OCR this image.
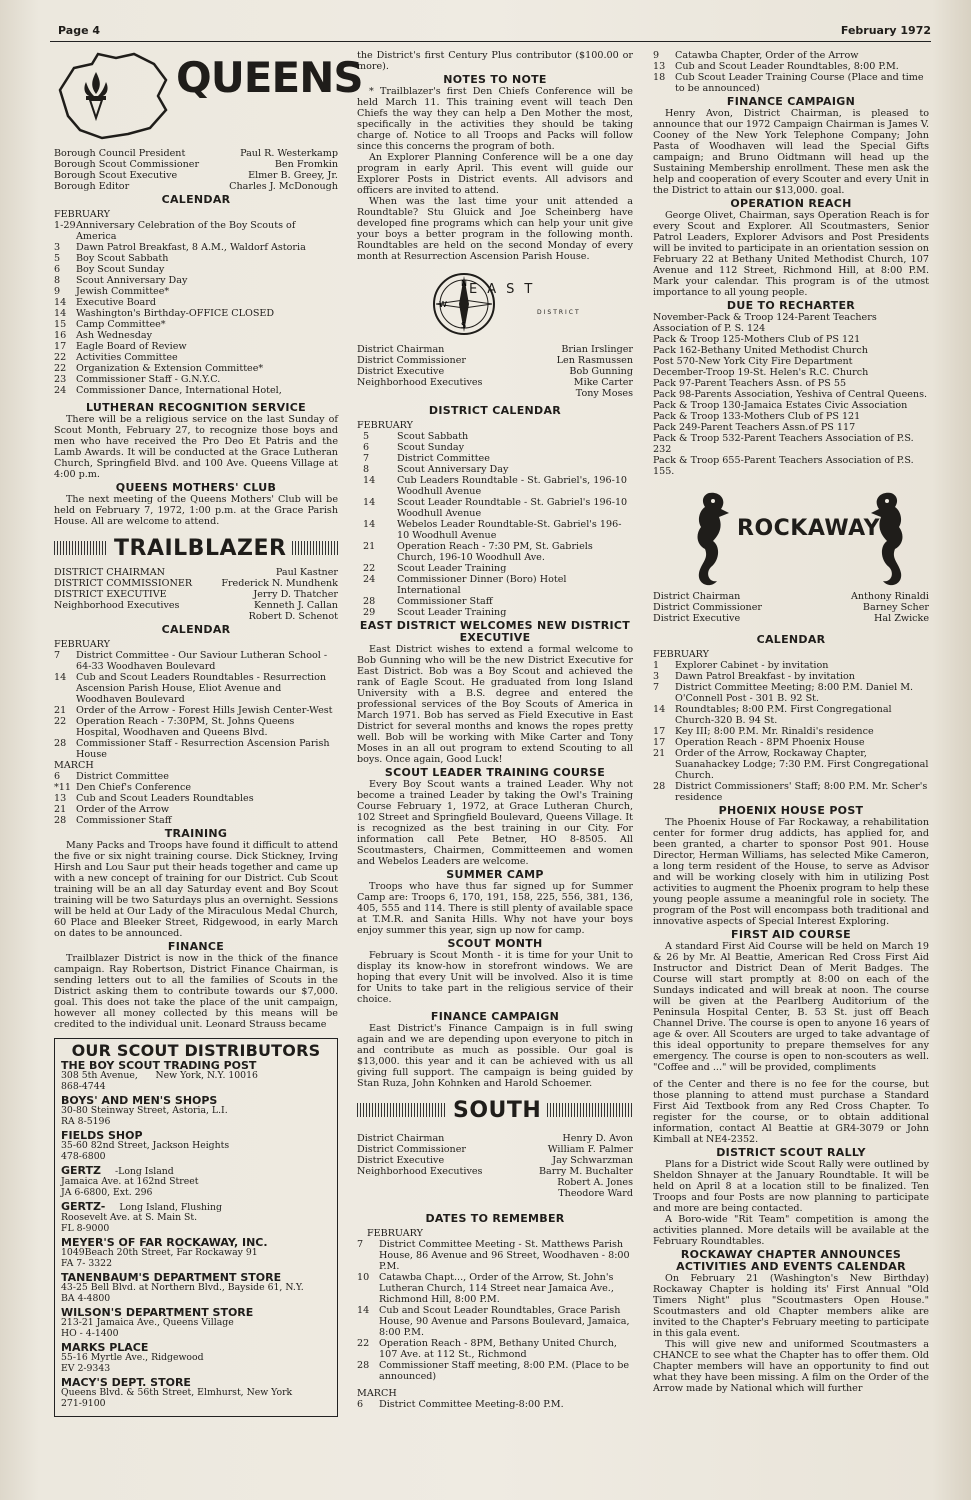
Page 4	February 1972
QUEENS
Borough Council President	Paul R. Westerkamp
Borough Scout Commissioner	Ben Fromkin
Borough Scout Executive	Elmer B. Greey, Jr.
Borough Editor	Charles J. McDonough
CALENDAR
FEBRUARY
1-29 Anniversary Celebration of the Boy Scouts of America
3	Dawn Patrol Breakfast, 8 A.M., Waldorf Astoria
5	Boy Scout Sabbath
6	Boy Scout Sunday
8	Scout Anniversary Day
9	Jewish Committee*
14	Executive Board
14	Washington's Birthday-OFFICE CLOSED
15	Camp Committee*
16	Ash Wednesday
17	Eagle Board of Review
22	Activities Committee
22	Organization & Extension Committee*
23	Commissioner Staff - G.N.Y.C.
24	Commissioner Dance, International Hotel,
LUTHERAN RECOGNITION SERVICE

There will be a religious service on the last Sunday of Scout Month, February 27, to recognize those boys and men who have received the Pro Deo Et Patris and the Lamb Awards. It will be conducted at the Grace Lutheran Church, Springfield Blvd. and 100 Ave. Queens Village at 4:00 p.m.

QUEENS MOTHERS' CLUB

The next meeting of the Queens Mothers' Club will be held on February 7, 1972, 1:00 p.m. at the Grace Parish House. All are welcome to attend.

TRAILBLAZER
DISTRICT CHAIRMAN	Paul Kastner
DISTRICT COMMISSIONER	Frederick N. Mundhenk
DISTRICT EXECUTIVE	Jerry D. Thatcher
Neighborhood Executives	Kenneth J. Callan
Robert D. Schenot
CALENDAR
FEBRUARY
7	District Committee - Our Saviour Lutheran School - 64-33 Woodhaven Boulevard
14	Cub and Scout Leaders Roundtables - Resurrection Ascension Parish House, Eliot Avenue and Woodhaven Boulevard
21	Order of the Arrow - Forest Hills Jewish Center-West
22	Operation Reach - 7:30PM, St. Johns Queens Hospital, Woodhaven and Queens Blvd.
28	Commissioner Staff - Resurrection Ascension Parish House
MARCH
6	District Committee
*11 Den Chief's Conference
13	Cub and Scout Leaders Roundtables
21	Order of the Arrow
28	Commissioner Staff
TRAINING

Many Packs and Troops have found it difficult to attend the five or six night training course. Dick Stickney, Irving Hirsh and Lou Saur put their heads together and came up with a new concept of training for our District. Cub Scout training will be an all day Saturday event and Boy Scout training will be two Saturdays plus an overnight. Sessions will be held at Our Lady of the Miraculous Medal Church, 60 Place and Bleeker Street, Ridgewood, in early March on dates to be announced.

FINANCE

Trailblazer District is now in the thick of the finance campaign. Ray Robertson, District Finance Chairman, is sending letters out to all the families of Scouts in the District asking them to contribute towards our $7,000. goal. This does not take the place of the unit campaign, however all money collected by this means will be credited to the individual unit. Leonard Strauss became

OUR SCOUT DISTRIBUTORS
THE BOY SCOUT TRADING POST
308 5th Avenue,      New York, N.Y. 10016
868-4744
BOYS' AND MEN'S SHOPS
30-80 Steinway Street, Astoria, L.I.
RA 8-5196
FIELDS SHOP
35-60 82nd Street, Jackson Heights
478-6800
GERTZ -Long Island
Jamaica Ave. at 162nd Street
JA 6-6800, Ext. 296
GERTZ- Long Island, Flushing
Roosevelt Ave. at S. Main St.
FL 8-9000
MEYER'S OF FAR ROCKAWAY, INC.
1049Beach 20th Street, Far Rockaway 91
FA 7- 3322
TANENBAUM'S DEPARTMENT STORE
43-25 Bell Blvd. at Northern Blvd., Bayside 61, N.Y.
BA 4-4800
WILSON'S DEPARTMENT STORE
213-21 Jamaica Ave., Queens Village
HO - 4-1400
MARKS PLACE
55-16 Myrtle Ave., Ridgewood
EV 2-9343
MACY'S DEPT. STORE
Queens Blvd. & 56th Street, Elmhurst, New York
271-9100

the District's first Century Plus contributor ($100.00 or more).

NOTES TO NOTE

* Trailblazer's first Den Chiefs Conference will be held March 11. This training event will teach Den Chiefs the way they can help a Den Mother the most, specifically in the activities they should be taking charge of. Notice to all Troops and Packs will follow since this concerns the program of both.

An Explorer Planning Conference will be a one day program in early April. This event will guide our Explorer Posts in District events. All advisors and officers are invited to attend.

When was the last time your unit attended a Roundtable? Stu Gluick and Joe Scheinberg have developed fine programs which can help your unit give your boys a better program in the following month. Roundtables are held on the second Monday of every month at Resurrection Ascension Parish House.

N
S
W
EAST
DISTRICT
District Chairman	Brian Irslinger
District Commissioner	Len Rasmussen
District Executive	Bob Gunning
Neighborhood Executives	Mike Carter
Tony Moses
DISTRICT CALENDAR
FEBRUARY
5	Scout Sabbath
6	Scout Sunday
7	District Committee
8	Scout Anniversary Day
14	Cub Leaders Roundtable - St. Gabriel's, 196-10 Woodhull Avenue
14	Scout Leader Roundtable - St. Gabriel's 196-10 Woodhull Avenue
14	Webelos Leader Roundtable-St. Gabriel's 196-10 Woodhull Avenue
21	Operation Reach - 7:30 PM, St. Gabriels Church, 196-10 Woodhull Ave.
22	Scout Leader Training
24	Commissioner Dinner (Boro) Hotel International
28	Commissioner Staff
29	Scout Leader Training
EAST DISTRICT WELCOMES NEW DISTRICT EXECUTIVE

East District wishes to extend a formal welcome to Bob Gunning who will be the new District Executive for East District. Bob was a Boy Scout and achieved the rank of Eagle Scout. He graduated from long Island University with a B.S. degree and entered the professional services of the Boy Scouts of America in March 1971. Bob has served as Field Executive in East District for several months and knows the ropes pretty well. Bob will be working with Mike Carter and Tony Moses in an all out program to extend Scouting to all boys. Once again, Good Luck!

SCOUT LEADER TRAINING COURSE

Every Boy Scout wants a trained Leader. Why not become a trained Leader by taking the Owl's Training Course February 1, 1972, at Grace Lutheran Church, 102 Street and Springfield Boulevard, Queens Village. It is recognized as the best training in our City. For information call Pete Betner, HO 8-8505. All Scoutmasters, Chairmen, Committeemen and women and Webelos Leaders are welcome.

SUMMER CAMP

Troops who have thus far signed up for Summer Camp are: Troops 6, 170, 191, 158, 225, 556, 381, 136, 405, 555 and 114. There is still plenty of available space at T.M.R. and Sanita Hills. Why not have your boys enjoy summer this year, sign up now for camp.

SCOUT MONTH

February is Scout Month - it is time for your Unit to display its know-how in storefront windows. We are hoping that every Unit will be involved. Also it is time for Units to take part in the religious service of their choice.

FINANCE CAMPAIGN

East District's Finance Campaign is in full swing again and we are depending upon everyone to pitch in and contribute as much as possible. Our goal is $13,000. this year and it can be achieved with us all giving full support. The campaign is being guided by Stan Ruza, John Kohnken and Harold Schoemer.

SOUTH
District Chairman	Henry D. Avon
District Commissioner	William F. Palmer
District Executive	Jay Schwarzman
Neighborhood Executives	Barry M. Buchalter
Robert A. Jones
Theodore Ward
DATES TO REMEMBER
FEBRUARY
7	District Committee Meeting - St. Matthews Parish House, 86 Avenue and 96 Street, Woodhaven - 8:00 P.M.
10	Catawba Chapt..., Order of the Arrow, St. John's Lutheran Church, 114 Street near Jamaica Ave., Richmond Hill, 8:00 P.M.
14	Cub and Scout Leader Roundtables, Grace Parish House, 90 Avenue and Parsons Boulevard, Jamaica, 8:00 P.M.
22	Operation Reach - 8PM, Bethany United Church, 107 Ave. at 112 St., Richmond
28	Commissioner Staff meeting, 8:00 P.M. (Place to be announced)
MARCH
6	District Committee Meeting-8:00 P.M.
9	Catawba Chapter, Order of the Arrow
13	Cub and Scout Leader Roundtables, 8:00 P.M.
18	Cub Scout Leader Training Course (Place and time to be announced)
FINANCE CAMPAIGN

Henry Avon, District Chairman, is pleased to announce that our 1972 Campaign Chairman is James V. Cooney of the New York Telephone Company; John Pasta of Woodhaven will lead the Special Gifts campaign; and Bruno Oidtmann will head up the Sustaining Membership enrollment. These men ask the help and cooperation of every Scouter and every Unit in the District to attain our $13,000. goal.

OPERATION REACH

George Olivet, Chairman, says Operation Reach is for every Scout and Explorer. All Scoutmasters, Senior Patrol Leaders, Explorer Advisors and Post Presidents will be invited to participate in an orientation session on February 22 at Bethany United Methodist Church, 107 Avenue and 112 Street, Richmond Hill, at 8:00 P.M. Mark your calendar. This program is of the utmost importance to all young people.

DUE TO RECHARTER
November-Pack & Troop 124-Parent Teachers Association of P. S. 124
Pack & Troop 125-Mothers Club of PS 121
Pack 162-Bethany United Methodist Church
Post 570-New York City Fire Department
December-Troop 19-St. Helen's R.C. Church
Pack 97-Parent Teachers Assn. of PS 55
Pack 98-Parents Association, Yeshiva of Central Queens.
Pack & Troop 130-Jamaica Estates Civic Association
Pack & Troop 133-Mothers Club of PS 121
Pack 249-Parent Teachers Assn.of PS 117
Pack & Troop 532-Parent Teachers Association of P.S. 232
Pack & Troop 655-Parent Teachers Association of P.S. 155.
ROCKAWAY
District Chairman	Anthony Rinaldi
District Commissioner	Barney Scher
District Executive	Hal Zwicke
CALENDAR
FEBRUARY
1	Explorer Cabinet - by invitation
3	Dawn Patrol Breakfast - by invitation
7	District Committee Meeting; 8:00 P.M. Daniel M. O'Connell Post - 301 B. 92 St.
14	Roundtables; 8:00 P.M. First Congregational Church-320 B. 94 St.
17	Key III; 8:00 P.M. Mr. Rinaldi's residence
17	Operation Reach - 8PM Phoenix House
21	Order of the Arrow, Rockaway Chapter, Suanahackey Lodge; 7:30 P.M. First Congregational Church.
28	District Commissioners' Staff; 8:00 P.M. Mr. Scher's residence
PHOENIX HOUSE POST

The Phoenix House of Far Rockaway, a rehabilitation center for former drug addicts, has applied for, and been granted, a charter to sponsor Post 901. House Director, Herman Williams, has selected Mike Cameron, a long term resident of the House, to serve as Advisor and will be working closely with him in utilizing Post activities to augment the Phoenix program to help these young people assume a meaningful role in society. The program of the Post will encompass both traditional and innovative aspects of Special Interest Exploring.

FIRST AID COURSE

A standard First Aid Course will be held on March 19 & 26 by Mr. Al Beattie, American Red Cross First Aid Instructor and District Dean of Merit Badges. The Course will start promptly at 8:00 on each of the Sundays indicated and will break at noon. The course will be given at the Pearlberg Auditorium of the Peninsula Hospital Center, B. 53 St. just off Beach Channel Drive. The course is open to anyone 16 years of age & over. All Scouters are urged to take advantage of this ideal opportunity to prepare themselves for any emergency. The course is open to non-scouters as well. "Coffee and ..." will be provided, compliments

of the Center and there is no fee for the course, but those planning to attend must purchase a Standard First Aid Textbook from any Red Cross Chapter. To register for the course, or to obtain additional information, contact Al Beattie at GR4-3079 or John Kimball at NE4-2352.

DISTRICT SCOUT RALLY

Plans for a District wide Scout Rally were outlined by Sheldon Shnayer at the January Roundtable. It will be held on April 8 at a location still to be finalized. Ten Troops and four Posts are now planning to participate and more are being contacted.

A Boro-wide "Rit Team" competition is among the activities planned. More details will be available at the February Roundtables.

ROCKAWAY CHAPTER ANNOUNCES ACTIVITIES AND EVENTS CALENDAR

On February 21 (Washington's New Birthday) Rockaway Chapter is holding its' First Annual "Old Timers Night" plus "Scoutmasters Open House." Scoutmasters and old Chapter members alike are invited to the Chapter's February meeting to participate in this gala event.

This will give new and uniformed Scoutmasters a CHANCE to see what the Chapter has to offer them. Old Chapter members will have an opportunity to find out what they have been missing. A film on the Order of the Arrow made by National which will further
